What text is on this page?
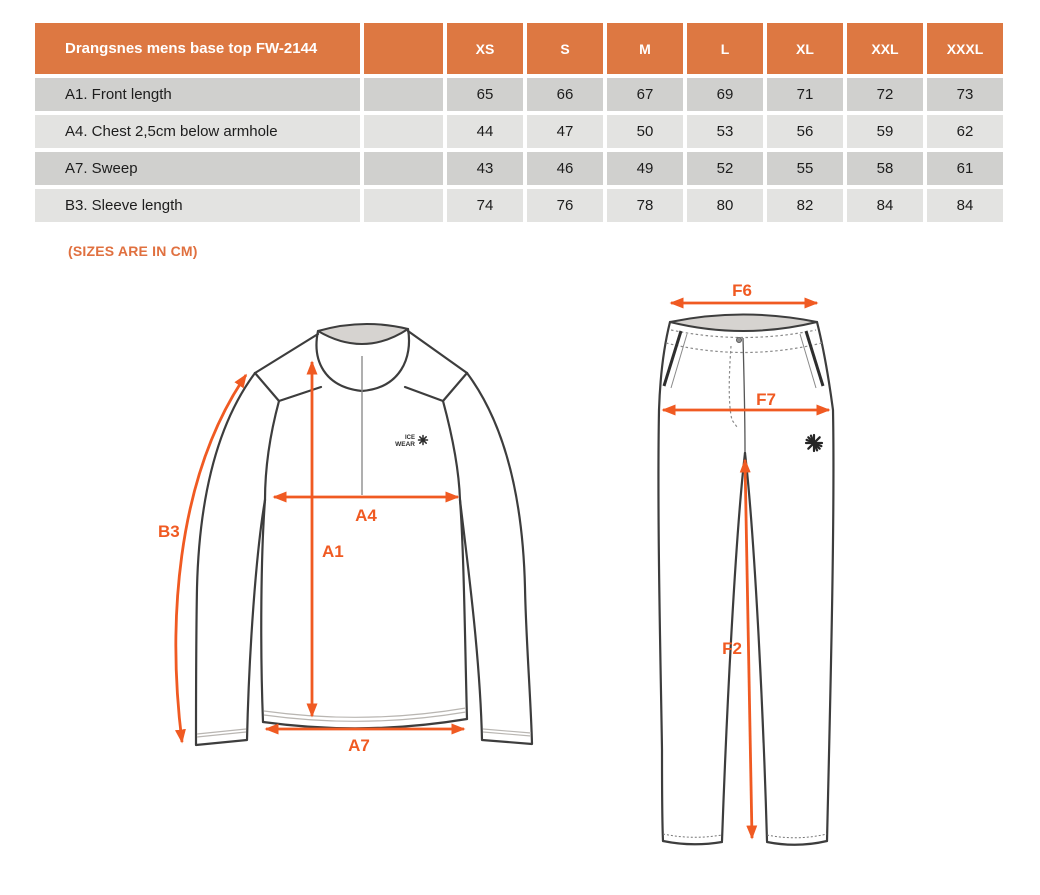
Drangsnes mens base top FW-2144		XS	S	M	L	XL	XXL	XXXL
A1. Front length		65	66	67	69	71	72	73
A4. Chest 2,5cm below armhole		44	47	50	53	56	59	62
A7. Sweep		43	46	49	52	55	58	61
B3. Sleeve length		74	76	78	80	82	84	84
(SIZES ARE IN CM)
ICE
WEAR
B3
A1
A4
A7
F6
F7
F2
